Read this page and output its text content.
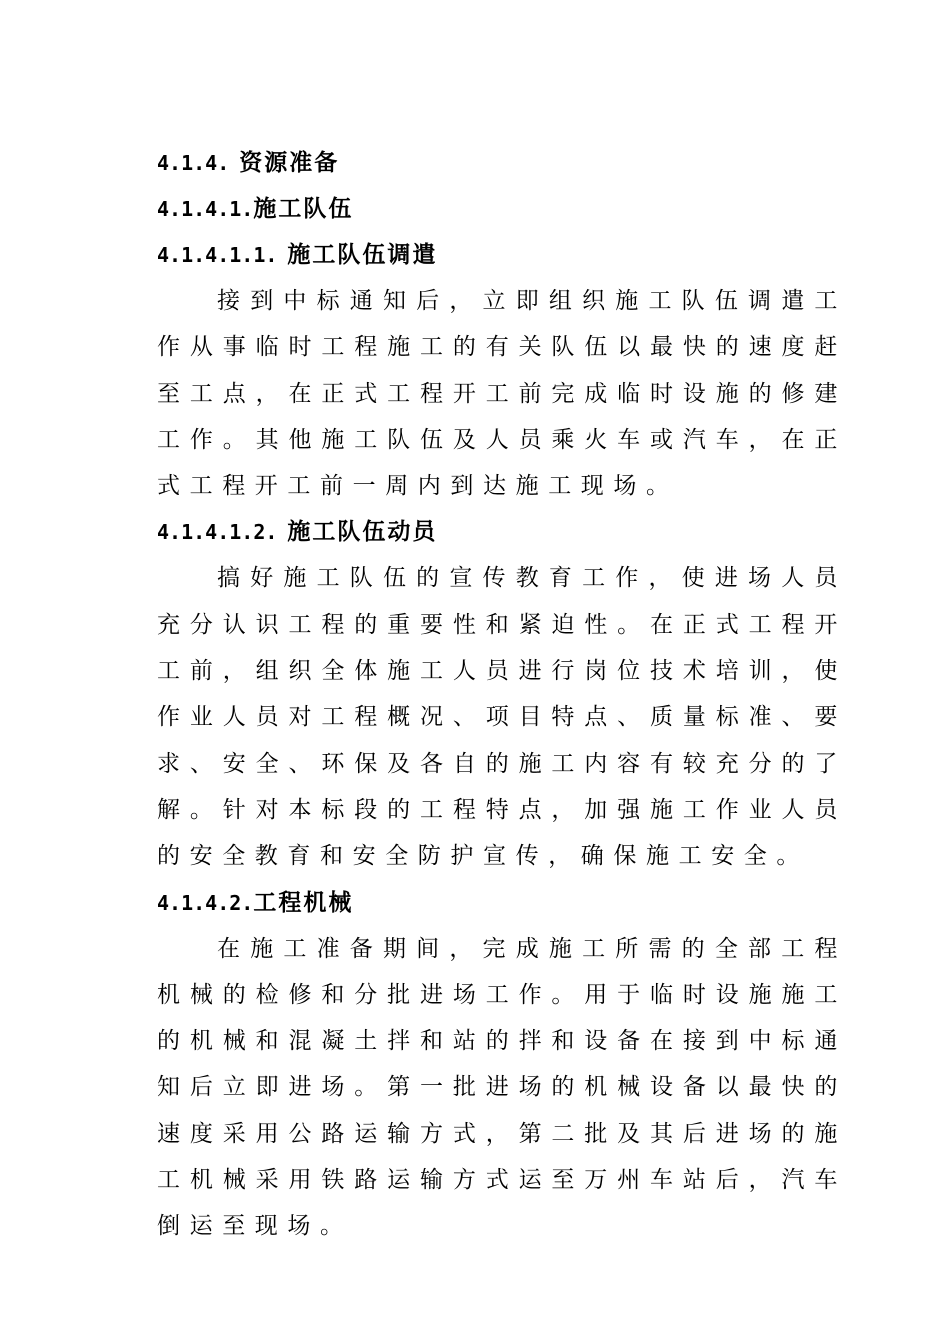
4.1.4. 资源准备
4.1.4.1.施工队伍
4.1.4.1.1. 施工队伍调遣

接到中标通知后，立即组织施工队伍调遣工作从事临时工程施工的有关队伍以最快的速度赶至工点，在正式工程开工前完成临时设施的修建工作。其他施工队伍及人员乘火车或汽车，在正式工程开工前一周内到达施工现场。

4.1.4.1.2. 施工队伍动员

搞好施工队伍的宣传教育工作，使进场人员充分认识工程的重要性和紧迫性。在正式工程开工前，组织全体施工人员进行岗位技术培训，使作业人员对工程概况、项目特点、质量标准、要求、安全、环保及各自的施工内容有较充分的了解。针对本标段的工程特点，加强施工作业人员的安全教育和安全防护宣传，确保施工安全。

4.1.4.2.工程机械

在施工准备期间，完成施工所需的全部工程机械的检修和分批进场工作。用于临时设施施工的机械和混凝土拌和站的拌和设备在接到中标通知后立即进场。第一批进场的机械设备以最快的速度采用公路运输方式，第二批及其后进场的施工机械采用铁路运输方式运至万州车站后，汽车倒运至现场。
